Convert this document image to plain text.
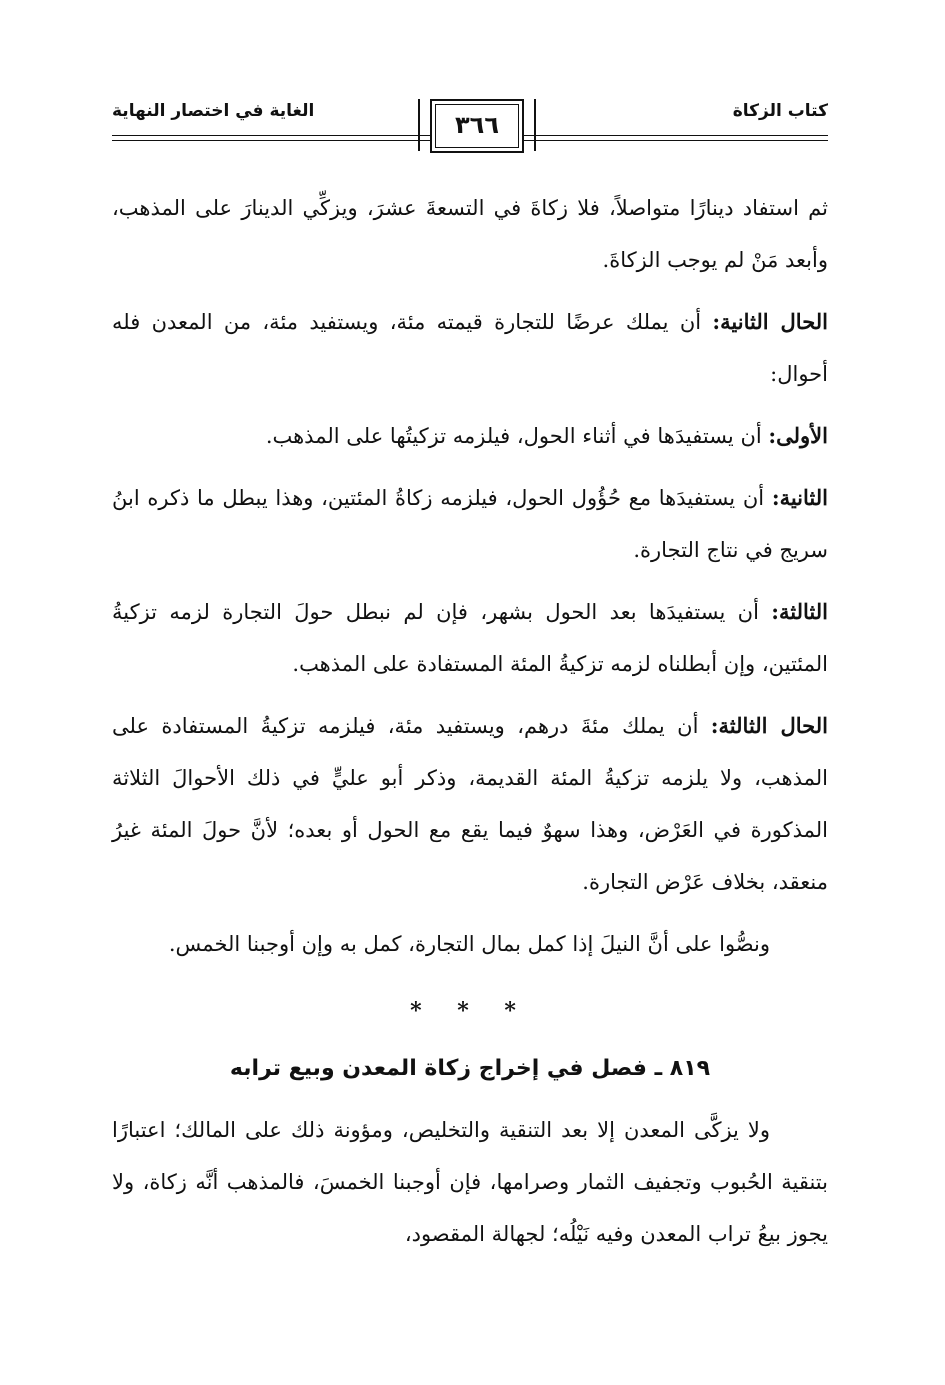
كتاب الزكاة
٣٦٦
الغاية في اختصار النهاية

ثم استفاد دينارًا متواصلاً، فلا زكاةَ في التسعةَ عشرَ، ويزكِّي الدينارَ على المذهب، وأبعد مَنْ لم يوجب الزكاةَ.

الحال الثانية: أن يملك عرضًا للتجارة قيمته مئة، ويستفيد مئة، من المعدن فله أحوال:

الأولى: أن يستفيدَها في أثناء الحول، فيلزمه تزكيتُها على المذهب.

الثانية: أن يستفيدَها مع حُؤُول الحول، فيلزمه زكاةُ المئتين، وهذا يبطل ما ذكره ابنُ سريج في نتاج التجارة.

الثالثة: أن يستفيدَها بعد الحول بشهر، فإن لم نبطل حولَ التجارة لزمه تزكيةُ المئتين، وإن أبطلناه لزمه تزكيةُ المئة المستفادة على المذهب.

الحال الثالثة: أن يملك مئةَ درهم، ويستفيد مئة، فيلزمه تزكيةُ المستفادة على المذهب، ولا يلزمه تزكيةُ المئة القديمة، وذكر أبو عليٍّ في ذلك الأحوالَ الثلاثة المذكورة في العَرْض، وهذا سهوٌ فيما يقع مع الحول أو بعده؛ لأنَّ حولَ المئة غيرُ منعقد، بخلاف عَرْض التجارة.

ونصُّوا على أنَّ النيلَ إذا كمل بمال التجارة، كمل به وإن أوجبنا الخمس.

* * *
٨١٩ ـ فصل في إخراج زكاة المعدن وبيع ترابه

ولا يزكَّى المعدن إلا بعد التنقية والتخليص، ومؤونة ذلك على المالك؛ اعتبارًا بتنقية الحُبوب وتجفيف الثمار وصرامها، فإن أوجبنا الخمسَ، فالمذهب أنَّه زكاة، ولا يجوز بيعُ تراب المعدن وفيه نَيْلُه؛ لجهالة المقصود،
